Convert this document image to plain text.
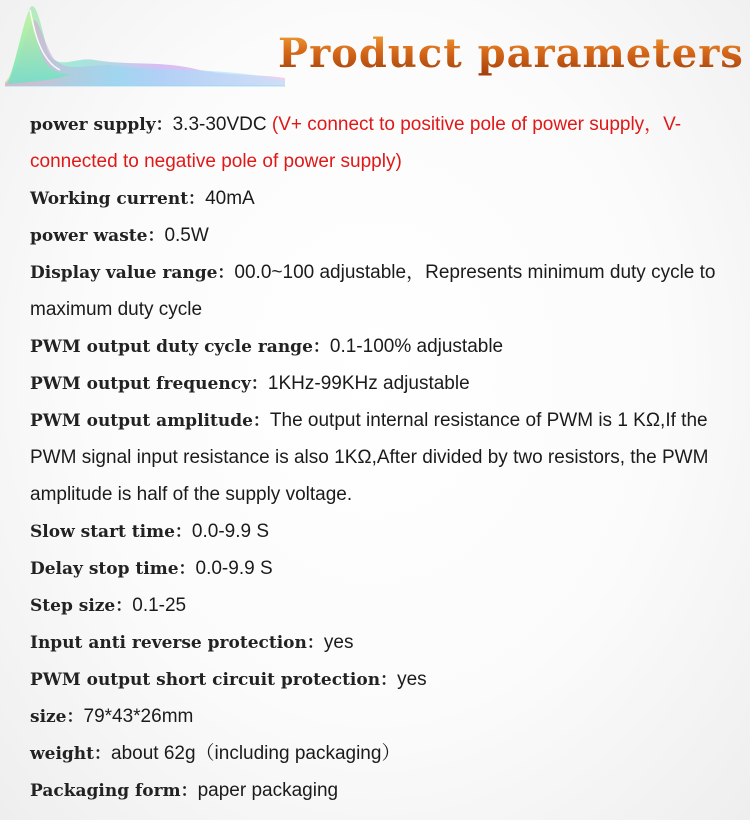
Product parameters

power supply：3.3-30VDC (V+ connect to positive pole of power supply，V- connected to negative pole of power supply)

Working current：40mA

power waste：0.5W

Display value range：00.0~100 adjustable，Represents minimum duty cycle to maximum duty cycle

PWM output duty cycle range：0.1-100% adjustable

PWM output frequency：1KHz-99KHz adjustable

PWM output amplitude：The output internal resistance of PWM is 1 KΩ,If the PWM signal input resistance is also 1KΩ,After divided by two resistors, the PWM amplitude is half of the supply voltage.

Slow start time：0.0-9.9 S

Delay stop time：0.0-9.9 S

Step size：0.1-25

Input anti reverse protection：yes

PWM output short circuit protection：yes

size：79*43*26mm

weight：about 62g（including packaging）

Packaging form：paper packaging
